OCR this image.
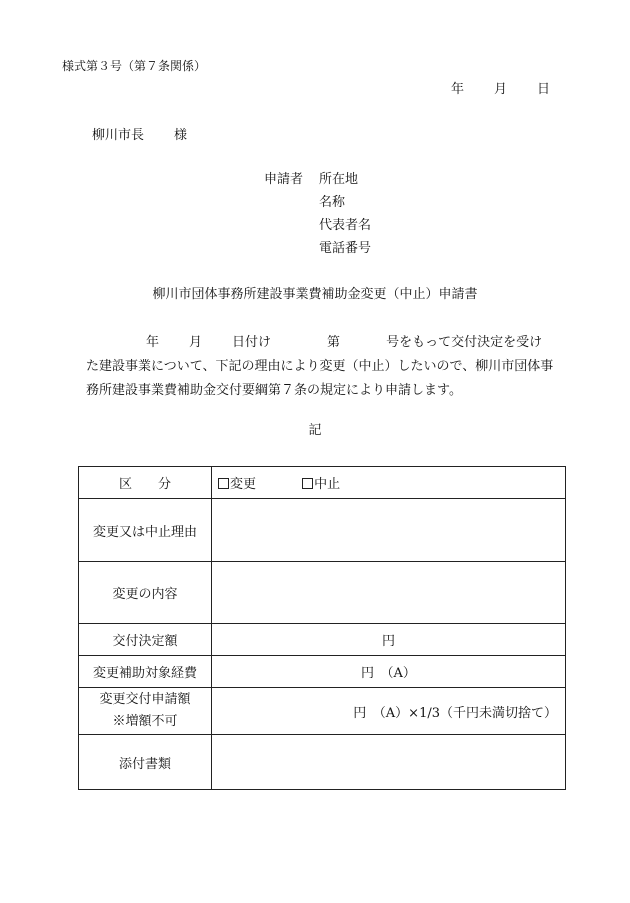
様式第３号（第７条関係）
年 月 日
柳川市長 様
申請者 所在地
名称
代表者名
電話番号
柳川市団体事務所建設事業費補助金変更（中止）申請書
年 月 日付け	第	号をもって交付決定を受け
た建設事業について、下記の理由により変更（中止）したいので、柳川市団体事
務所建設事業費補助金交付要綱第７条の規定により申請します。
記
区　　分	変更 中止
変更又は中止理由	
変更の内容	
交付決定額	円
変更補助対象経費	円　（A）

変更交付申請額
※増額不可	円　（A）×1/3（千円未満切捨て）
添付書類	
